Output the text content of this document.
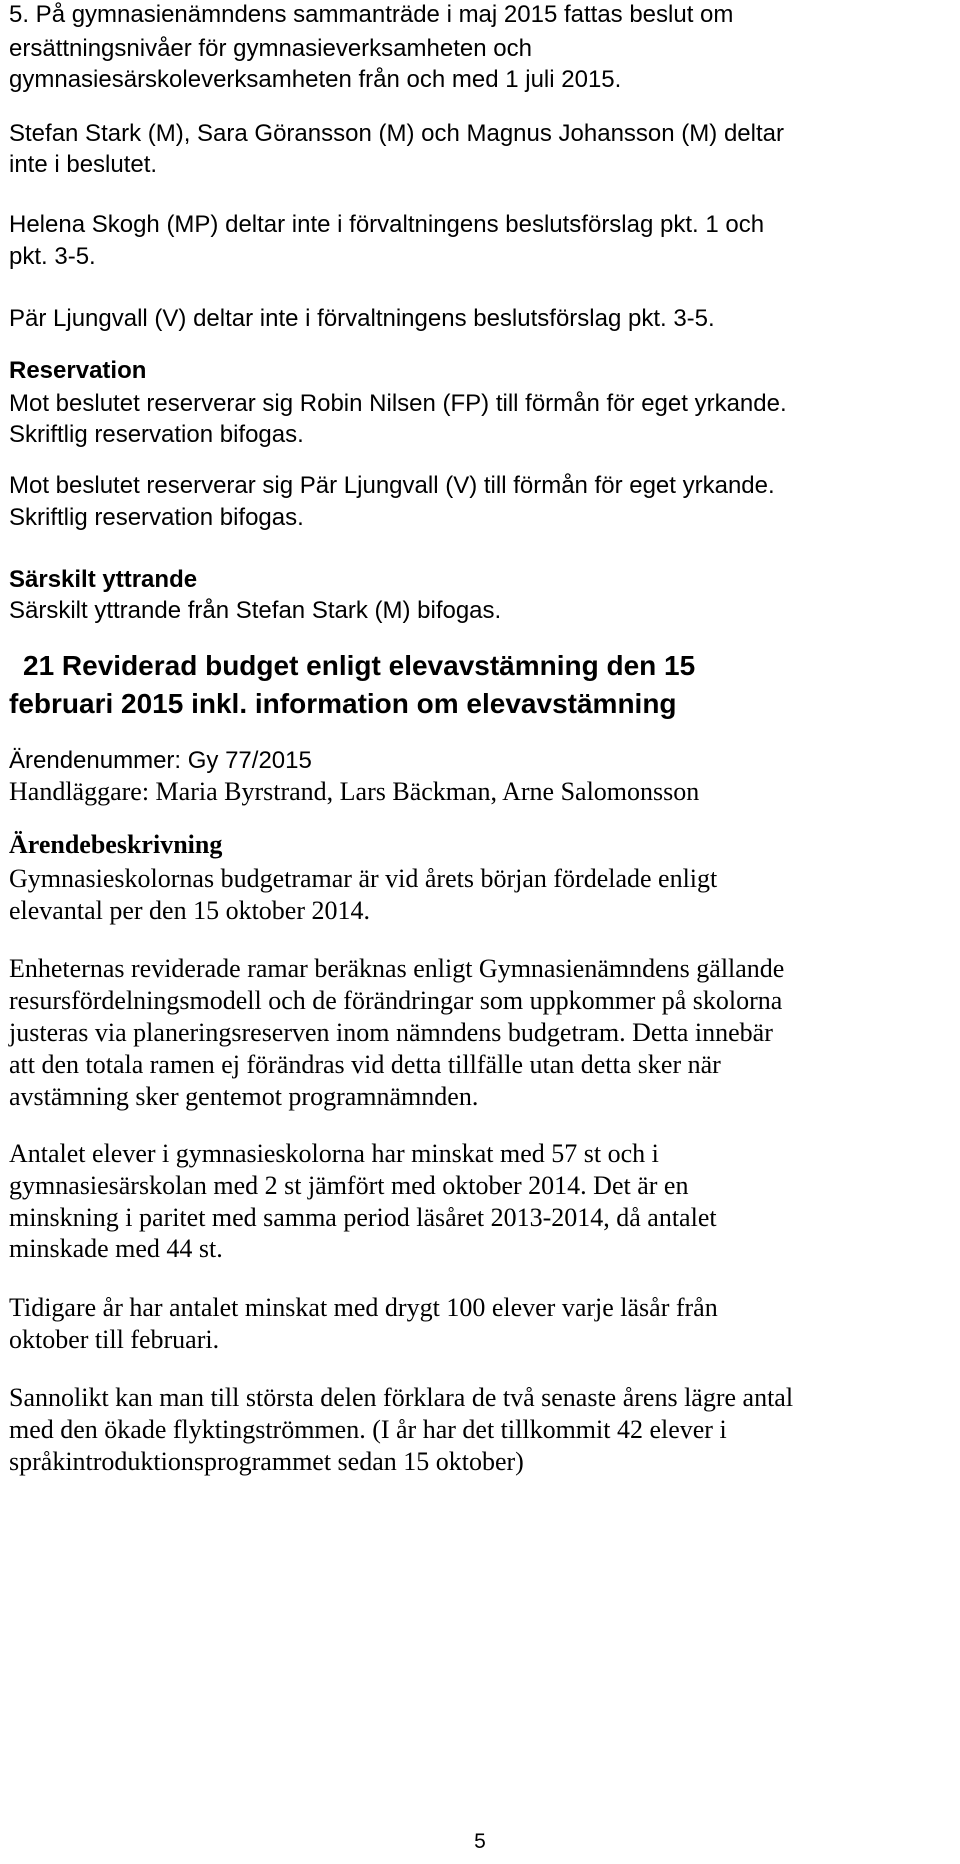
5. På gymnasienämndens sammanträde i maj 2015 fattas beslut om
ersättningsnivåer för gymnasieverksamheten och
gymnasiesärskoleverksamheten från och med 1 juli 2015.
Stefan Stark (M), Sara Göransson (M) och Magnus Johansson (M) deltar
inte i beslutet.
Helena Skogh (MP) deltar inte i förvaltningens beslutsförslag pkt. 1 och
pkt. 3-5.
Pär Ljungvall (V) deltar inte i förvaltningens beslutsförslag pkt. 3-5.
Reservation
Mot beslutet reserverar sig Robin Nilsen (FP) till förmån för eget yrkande.
Skriftlig reservation bifogas.
Mot beslutet reserverar sig Pär Ljungvall (V) till förmån för eget yrkande.
Skriftlig reservation bifogas.
Särskilt yttrande
Särskilt yttrande från Stefan Stark (M) bifogas.
21 Reviderad budget enligt elevavstämning den 15
februari 2015 inkl. information om elevavstämning
Ärendenummer: Gy 77/2015
Handläggare: Maria Byrstrand, Lars Bäckman, Arne Salomonsson
Ärendebeskrivning
Gymnasieskolornas budgetramar är vid årets början fördelade enligt
elevantal per den 15 oktober 2014.
Enheternas reviderade ramar beräknas enligt Gymnasienämndens gällande
resursfördelningsmodell och de förändringar som uppkommer på skolorna
justeras via planeringsreserven inom nämndens budgetram. Detta innebär
att den totala ramen ej förändras vid detta tillfälle utan detta sker när
avstämning sker gentemot programnämnden.
Antalet elever i gymnasieskolorna har minskat med 57 st och i
gymnasiesärskolan med 2 st jämfört med oktober 2014. Det är en
minskning i paritet med samma period läsåret 2013-2014, då antalet
minskade med 44 st.
Tidigare år har antalet minskat med drygt 100 elever varje läsår från
oktober till februari.
Sannolikt kan man till största delen förklara de två senaste årens lägre antal
med den ökade flyktingströmmen. (I år har det tillkommit 42 elever i
språkintroduktionsprogrammet sedan 15 oktober)
5
